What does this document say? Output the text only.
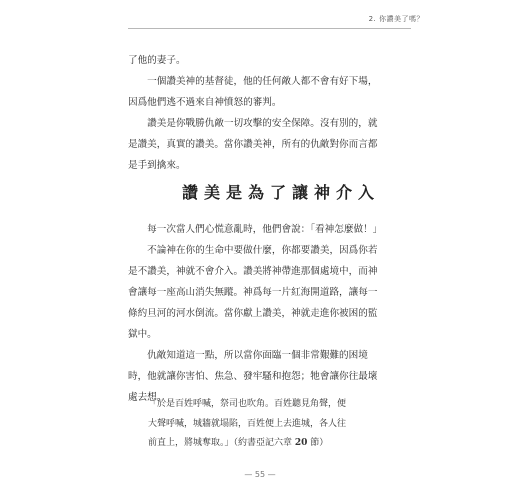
2. 你讚美了嗎？
了他的妻子。
　　一個讚美神的基督徒，他的任何敵人都不會有好下場，
因爲他們逃不過來自神憤怒的審判。
　　讚美是你戰勝仇敵一切攻擊的安全保障。沒有別的，就
是讚美，真實的讚美。當你讚美神，所有的仇敵對你而言都
是手到擒來。
讚美是為了讓神介入
　　每一次當人們心慌意亂時，他們會說：「看神怎麼做！」
　　不論神在你的生命中要做什麼，你都要讚美，因爲你若
是不讚美，神就不會介入。讚美將神帶進那個處境中，而神
會讓每一座高山消失無蹤。神爲每一片紅海開道路，讓每一
條約旦河的河水倒流。當你獻上讚美，神就走進你被困的監
獄中。
　　仇敵知道這一點，所以當你面臨一個非常艱難的困境
時，他就讓你害怕、焦急、發牢騷和抱怨；牠會讓你往最壞
處去想。
「於是百姓呼喊，祭司也吹角。百姓聽見角聲，便
大聲呼喊，城牆就塌陷，百姓便上去進城，各人往
前直上，將城奪取。」（約書亞記六章 20 節）
— 55 —
